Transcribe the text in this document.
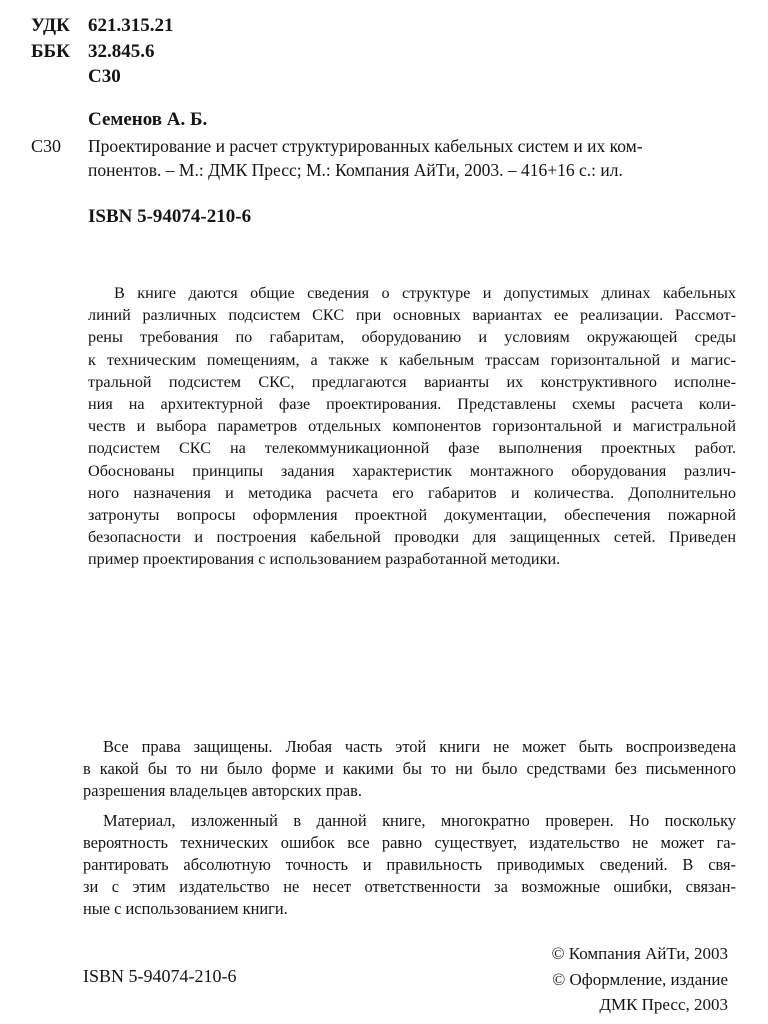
УДК 621.315.21
ББК 32.845.6
С30
Семенов А. Б.
С30 Проектирование и расчет структурированных кабельных систем и их ком-
понентов. – М.: ДМК Пресс; М.: Компания АйТи, 2003. – 416+16 с.: ил.
ISBN 5-94074-210-6
В книге даются общие сведения о структуре и допустимых длинах кабельных
линий различных подсистем СКС при основных вариантах ее реализации. Рассмот-
рены требования по габаритам, оборудованию и условиям окружающей среды
к техническим помещениям, а также к кабельным трассам горизонтальной и магис-
тральной подсистем СКС, предлагаются варианты их конструктивного исполне-
ния на архитектурной фазе проектирования. Представлены схемы расчета коли-
честв и выбора параметров отдельных компонентов горизонтальной и магистральной
подсистем СКС на телекоммуникационной фазе выполнения проектных работ.
Обоснованы принципы задания характеристик монтажного оборудования различ-
ного назначения и методика расчета его габаритов и количества. Дополнительно
затронуты вопросы оформления проектной документации, обеспечения пожарной
безопасности и построения кабельной проводки для защищенных сетей. Приведен
пример проектирования с использованием разработанной методики.
Все права защищены. Любая часть этой книги не может быть воспроизведена
в какой бы то ни было форме и какими бы то ни было средствами без письменного
разрешения владельцев авторских прав.
Материал, изложенный в данной книге, многократно проверен. Но поскольку
вероятность технических ошибок все равно существует, издательство не может га-
рантировать абсолютную точность и правильность приводимых сведений. В свя-
зи с этим издательство не несет ответственности за возможные ошибки, связан-
ные с использованием книги.
ISBN 5-94074-210-6
© Компания АйТи, 2003
© Оформление, издание
ДМК Пресс, 2003
